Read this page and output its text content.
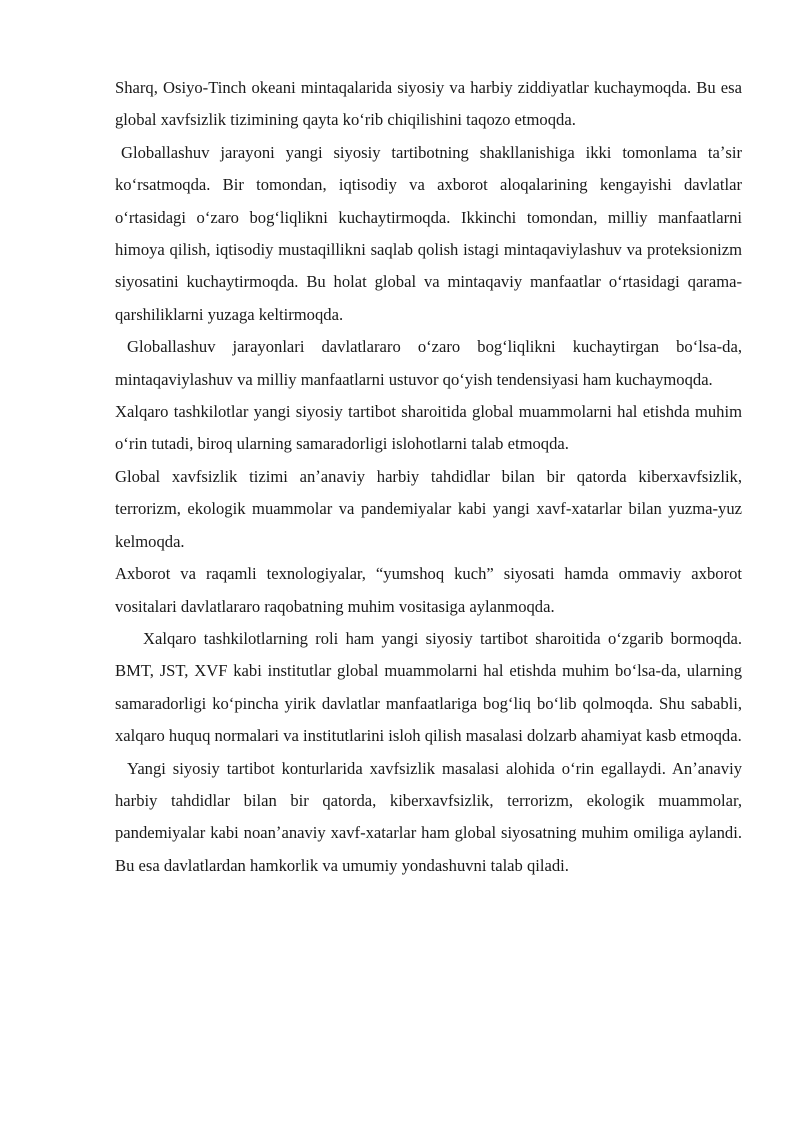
Sharq, Osiyo-Tinch okeani mintaqalarida siyosiy va harbiy ziddiyatlar kuchaymoqda. Bu esa global xavfsizlik tizimining qayta koʻrib chiqilishini taqozo etmoqda.

Globallashuv jarayoni yangi siyosiy tartibotning shakllanishiga ikki tomonlama taʼsir koʻrsatmoqda. Bir tomondan, iqtisodiy va axborot aloqalarining kengayishi davlatlar oʻrtasidagi oʻzaro bogʻliqlikni kuchaytirmoqda. Ikkinchi tomondan, milliy manfaatlarni himoya qilish, iqtisodiy mustaqillikni saqlab qolish istagi mintaqaviylashuv va proteksionizm siyosatini kuchaytirmoqda. Bu holat global va mintaqaviy manfaatlar oʻrtasidagi qarama-qarshiliklarni yuzaga keltirmoqda.

Globallashuv jarayonlari davlatlararo oʻzaro bogʻliqlikni kuchaytirgan boʻlsa-da, mintaqaviylashuv va milliy manfaatlarni ustuvor qoʻyish tendensiyasi ham kuchaymoqda.

Xalqaro tashkilotlar yangi siyosiy tartibot sharoitida global muammolarni hal etishda muhim oʻrin tutadi, biroq ularning samaradorligi islohotlarni talab etmoqda.

Global xavfsizlik tizimi anʼanaviy harbiy tahdidlar bilan bir qatorda kiberxavfsizlik, terrorizm, ekologik muammolar va pandemiyalar kabi yangi xavf-xatarlar bilan yuzma-yuz kelmoqda.

Axborot va raqamli texnologiyalar, “yumshoq kuch” siyosati hamda ommaviy axborot vositalari davlatlararo raqobatning muhim vositasiga aylanmoqda.

Xalqaro tashkilotlarning roli ham yangi siyosiy tartibot sharoitida oʻzgarib bormoqda. BMT, JST, XVF kabi institutlar global muammolarni hal etishda muhim boʻlsa-da, ularning samaradorligi koʻpincha yirik davlatlar manfaatlariga bogʻliq boʻlib qolmoqda. Shu sababli, xalqaro huquq normalari va institutlarini isloh qilish masalasi dolzarb ahamiyat kasb etmoqda.

Yangi siyosiy tartibot konturlarida xavfsizlik masalasi alohida oʻrin egallaydi. Anʼanaviy harbiy tahdidlar bilan bir qatorda, kiberxavfsizlik, terrorizm, ekologik muammolar, pandemiyalar kabi noanʼanaviy xavf-xatarlar ham global siyosatning muhim omiliga aylandi. Bu esa davlatlardan hamkorlik va umumiy yondashuvni talab qiladi.
